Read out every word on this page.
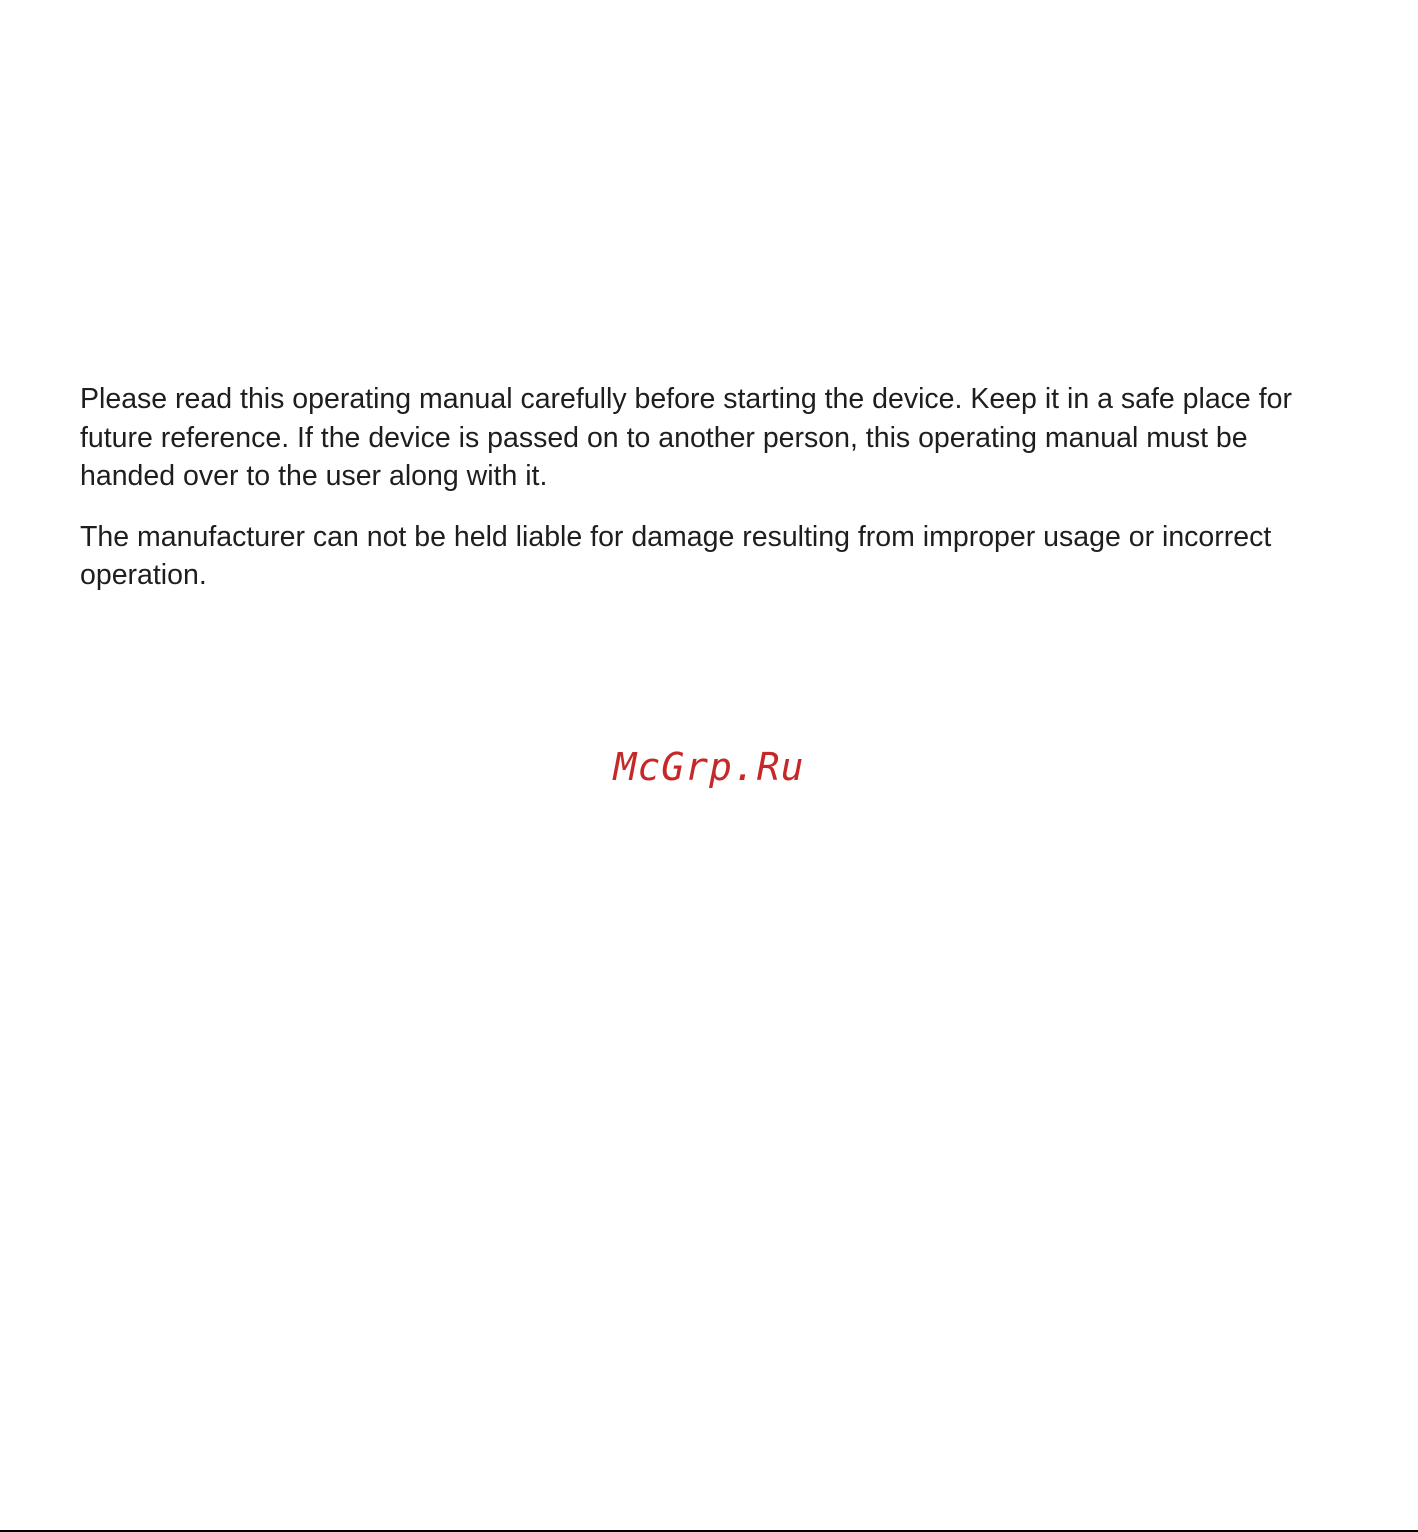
Please read this operating manual carefully before starting the device. Keep it in a safe place for future reference. If the device is passed on to another person, this operating manual must be handed over to the user along with it.

The manufacturer can not be held liable for damage resulting from improper usage or incorrect operation.

McGrp.Ru
